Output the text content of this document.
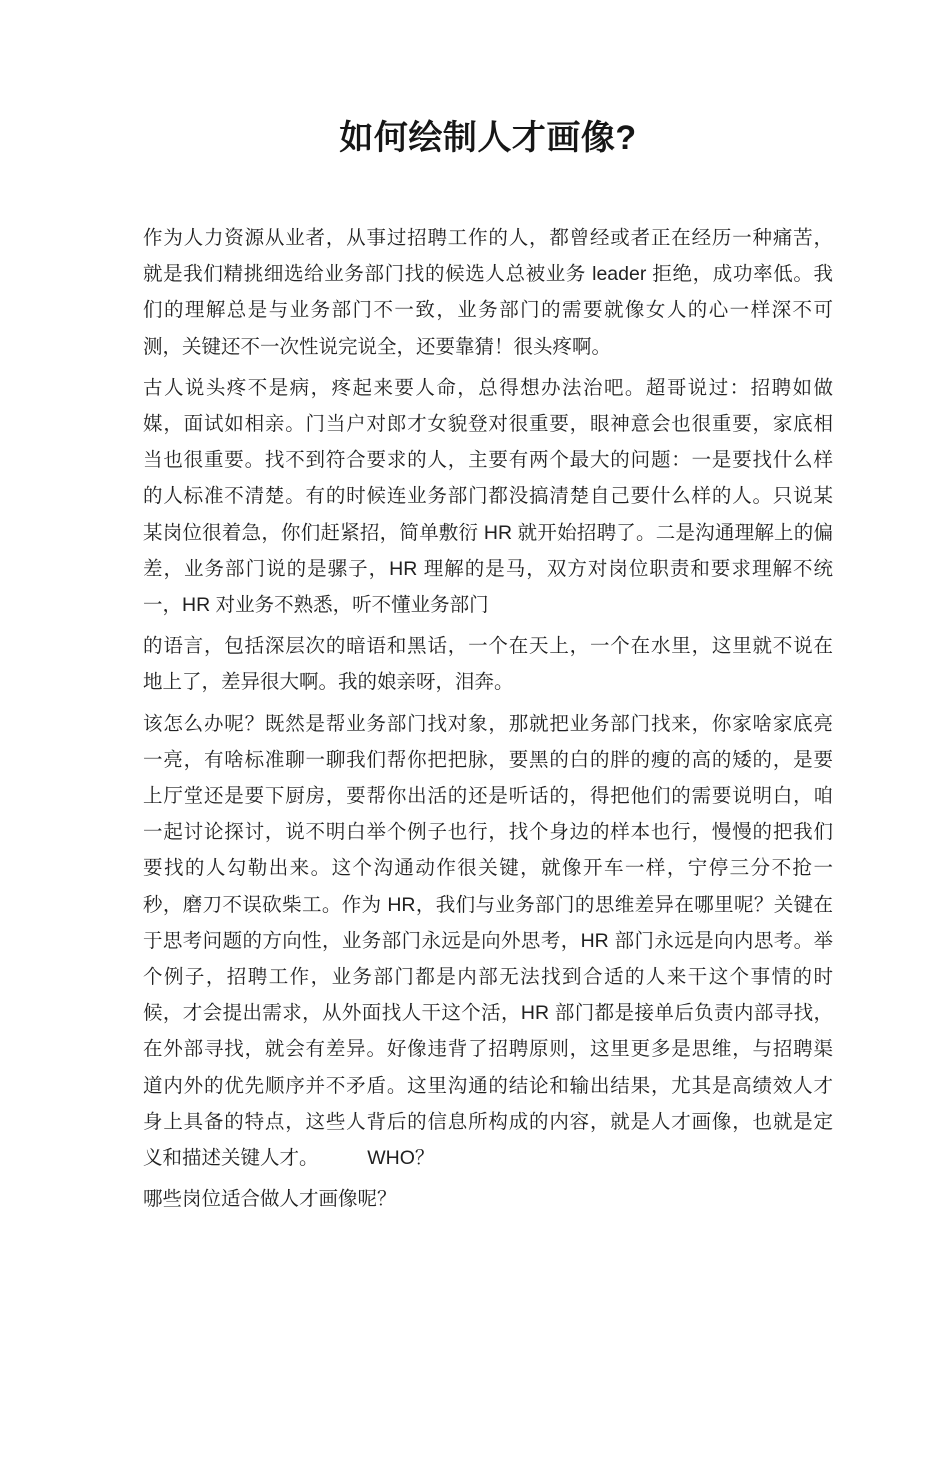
如何绘制人才画像?
作为人力资源从业者，从事过招聘工作的人，都曾经或者正在经历一种痛苦，
就是我们精挑细选给业务部门找的候选人总被业务 leader 拒绝，成功率低。我
们的理解总是与业务部门不一致，业务部门的需要就像女人的心一样深不可
测，关键还不一次性说完说全，还要靠猜！很头疼啊。
古人说头疼不是病，疼起来要人命，总得想办法治吧。超哥说过：招聘如做
媒，面试如相亲。门当户对郎才女貌登对很重要，眼神意会也很重要，家底相
当也很重要。找不到符合要求的人，主要有两个最大的问题：一是要找什么样
的人标准不清楚。有的时候连业务部门都没搞清楚自己要什么样的人。只说某
某岗位很着急，你们赶紧招，简单敷衍 HR 就开始招聘了。二是沟通理解上的偏
差，业务部门说的是骡子，HR 理解的是马，双方对岗位职责和要求理解不统
一，HR 对业务不熟悉，听不懂业务部门
的语言，包括深层次的暗语和黑话，一个在天上，一个在水里，这里就不说在
地上了，差异很大啊。我的娘亲呀，泪奔。
该怎么办呢？既然是帮业务部门找对象，那就把业务部门找来，你家啥家底亮
一亮，有啥标准聊一聊我们帮你把把脉，要黑的白的胖的瘦的高的矮的，是要
上厅堂还是要下厨房，要帮你出活的还是听话的，得把他们的需要说明白，咱
一起讨论探讨，说不明白举个例子也行，找个身边的样本也行，慢慢的把我们
要找的人勾勒出来。这个沟通动作很关键，就像开车一样，宁停三分不抢一
秒，磨刀不误砍柴工。作为 HR，我们与业务部门的思维差异在哪里呢？关键在
于思考问题的方向性，业务部门永远是向外思考，HR 部门永远是向内思考。举
个例子，招聘工作，业务部门都是内部无法找到合适的人来干这个事情的时
候，才会提出需求，从外面找人干这个活，HR 部门都是接单后负责内部寻找，
在外部寻找，就会有差异。好像违背了招聘原则，这里更多是思维，与招聘渠
道内外的优先顺序并不矛盾。这里沟通的结论和输出结果，尤其是高绩效人才
身上具备的特点，这些人背后的信息所构成的内容，就是人才画像，也就是定
义和描述关键人才。　　　WHO？
哪些岗位适合做人才画像呢？
